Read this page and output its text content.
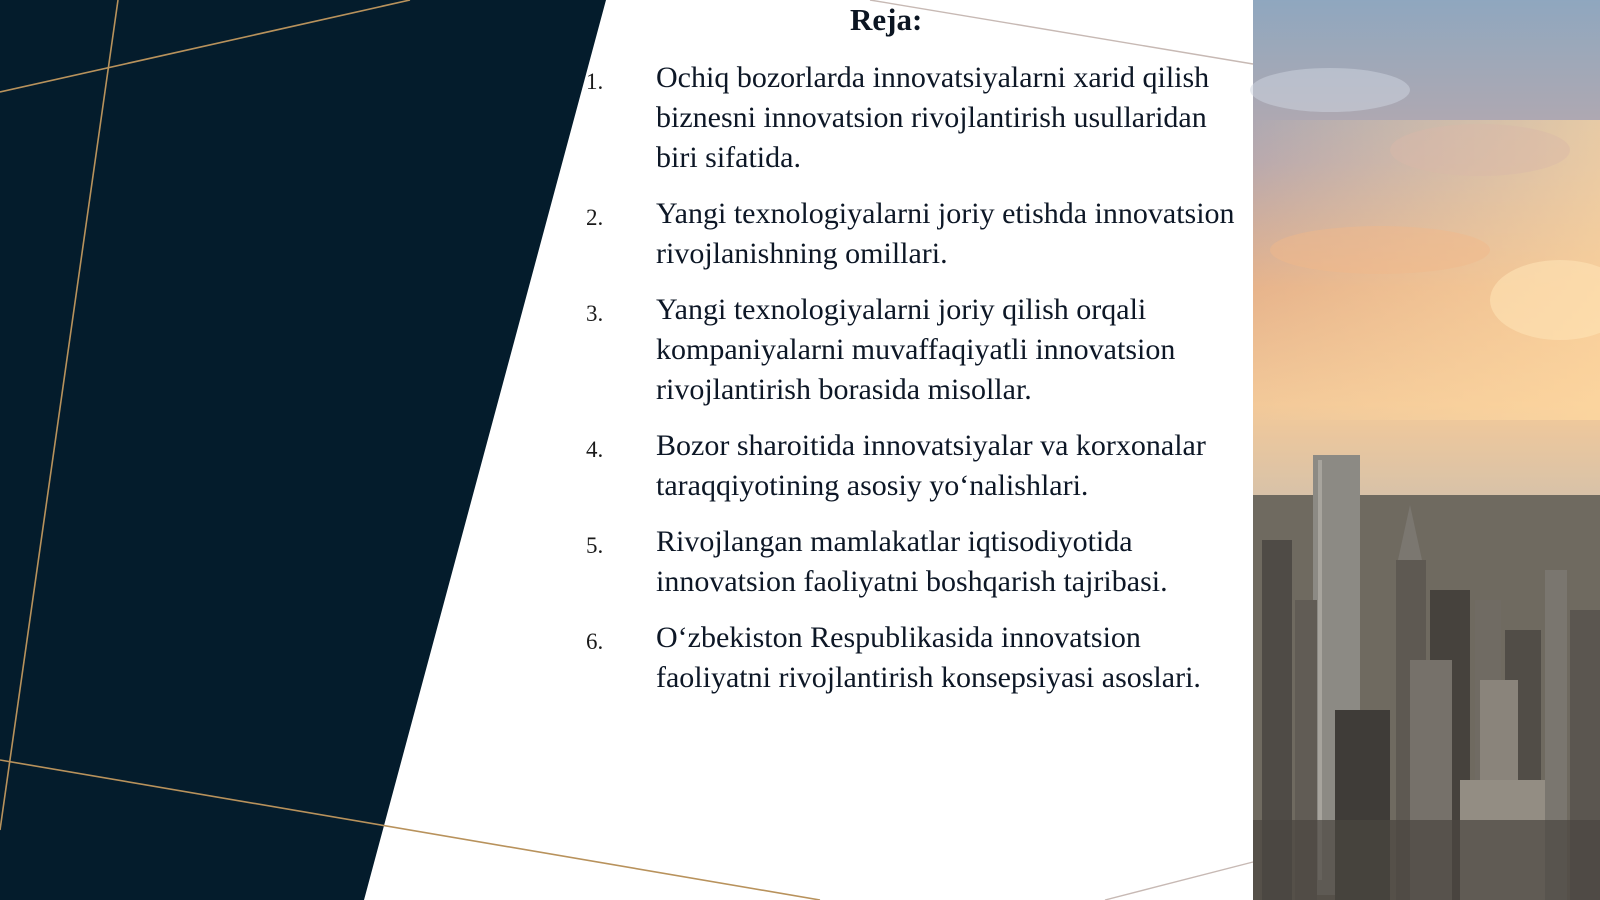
Reja:
1. Ochiq bozorlarda innovatsiyalarni xarid qilish biznesni innovatsion rivojlantirish usullaridan biri sifatida.
2. Yangi texnologiyalarni joriy etishda innovatsion rivojlanishning omillari.
3. Yangi texnologiyalarni joriy qilish orqali kompaniyalarni muvaffaqiyatli innovatsion rivojlantirish borasida misollar.
4. Bozor sharoitida innovatsiyalar va korxonalar taraqqiyotining asosiy yo‘nalishlari.
5. Rivojlangan mamlakatlar iqtisodiyotida innovatsion faoliyatni boshqarish tajribasi.
6. O‘zbekiston Respublikasida innovatsion faoliyatni rivojlantirish konsepsiyasi asoslari.
